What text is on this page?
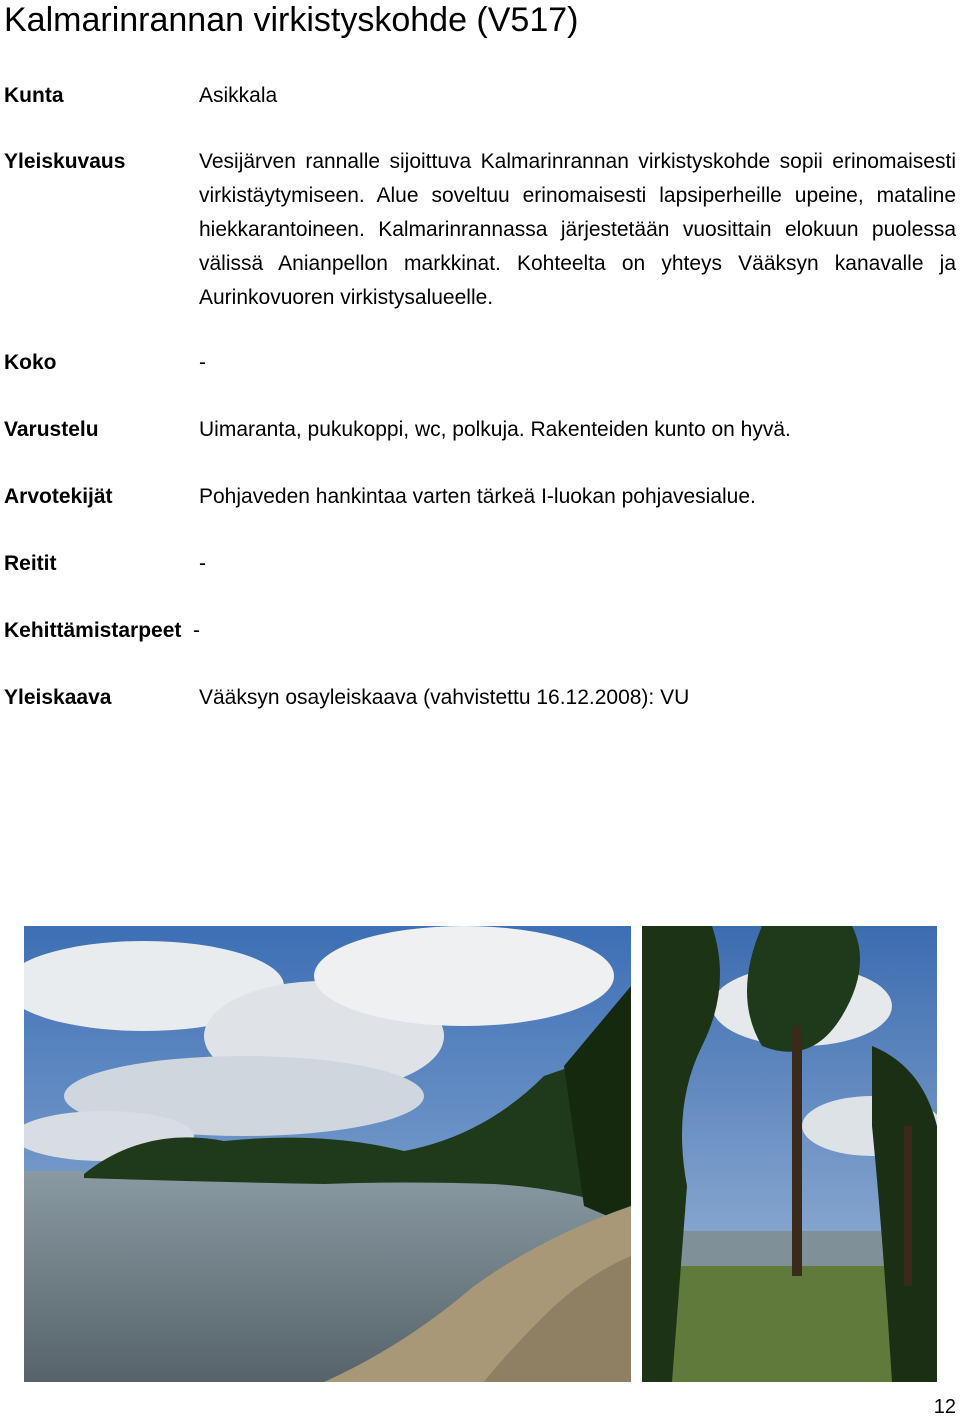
Kalmarinrannan virkistyskohde (V517)
Kunta	Asikkala
Yleiskuvaus	Vesijärven rannalle sijoittuva Kalmarinrannan virkistyskohde sopii erinomaisesti virkistäytymiseen. Alue soveltuu erinomaisesti lapsiperheille upeine, mataline hiekkarantoineen. Kalmarinrannassa järjestetään vuosittain elokuun puolessa välissä Anianpellon markkinat. Kohteelta on yhteys Vääksyn kanavalle ja Aurinkovuoren virkistysalueelle.
Koko	-
Varustelu	Uimaranta, pukukoppi, wc, polkuja. Rakenteiden kunto on hyvä.
Arvotekijät	Pohjaveden hankintaa varten tärkeä I-luokan pohjavesialue.
Reitit	-
Kehittämistarpeet -
Yleiskaava	Vääksyn osayleiskaava (vahvistettu 16.12.2008): VU
12
